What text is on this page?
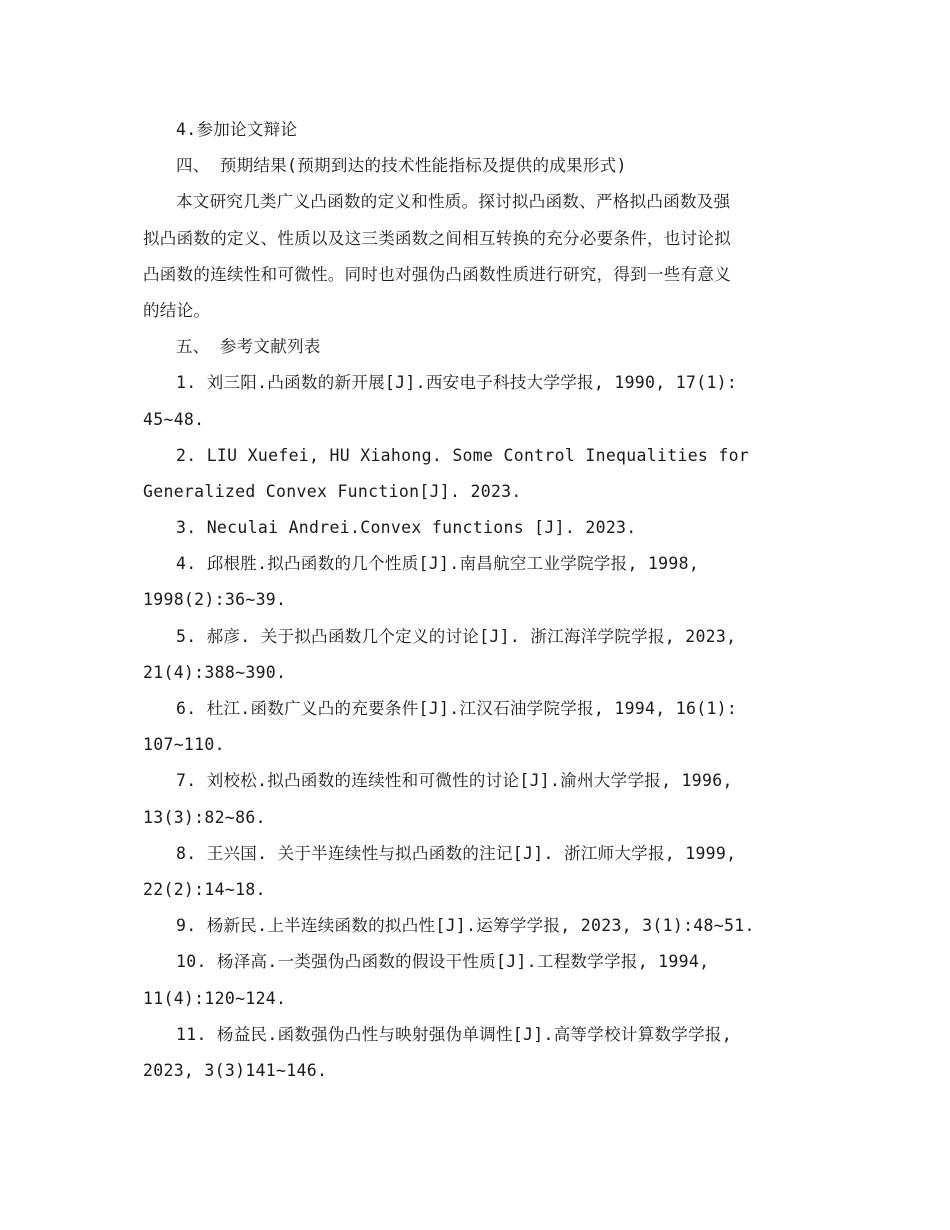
4.参加论文辩论
四、 预期结果(预期到达的技术性能指标及提供的成果形式)
本文研究几类广义凸函数的定义和性质。探讨拟凸函数、严格拟凸函数及强
拟凸函数的定义、性质以及这三类函数之间相互转换的充分必要条件，也讨论拟
凸函数的连续性和可微性。同时也对强伪凸函数性质进行研究，得到一些有意义
的结论。
五、 参考文献列表
1. 刘三阳.凸函数的新开展[J].西安电子科技大学学报, 1990, 17(1):
45~48.
2. LIU Xuefei, HU Xiahong. Some Control Inequalities for
Generalized Convex Function[J]. 2023.
3. Neculai Andrei.Convex functions [J]. 2023.
4. 邱根胜.拟凸函数的几个性质[J].南昌航空工业学院学报, 1998,
1998(2):36~39.
5. 郝彦. 关于拟凸函数几个定义的讨论[J]. 浙江海洋学院学报, 2023,
21(4):388~390.
6. 杜江.函数广义凸的充要条件[J].江汉石油学院学报, 1994, 16(1):
107~110.
7. 刘校松.拟凸函数的连续性和可微性的讨论[J].渝州大学学报, 1996,
13(3):82~86.
8. 王兴国. 关于半连续性与拟凸函数的注记[J]. 浙江师大学报, 1999,
22(2):14~18.
9. 杨新民.上半连续函数的拟凸性[J].运筹学学报, 2023, 3(1):48~51.
10. 杨泽高.一类强伪凸函数的假设干性质[J].工程数学学报, 1994,
11(4):120~124.
11. 杨益民.函数强伪凸性与映射强伪单调性[J].高等学校计算数学学报,
2023, 3(3)141~146.
